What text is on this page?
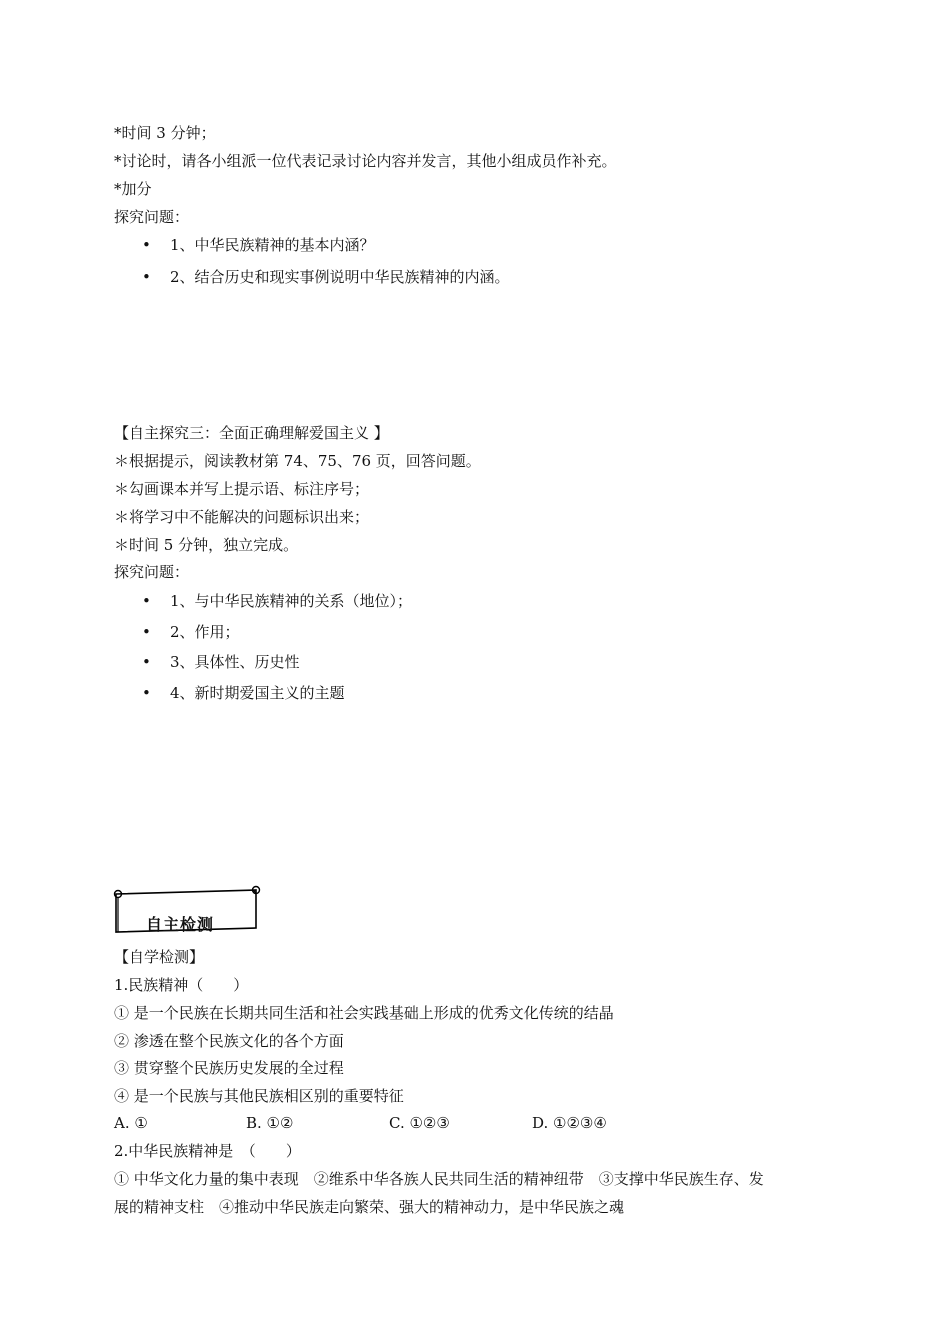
*时间 3 分钟；
*讨论时，请各小组派一位代表记录讨论内容并发言，其他小组成员作补充。
*加分
探究问题：
• 1、中华民族精神的基本内涵？
• 2、结合历史和现实事例说明中华民族精神的内涵。
【自主探究三：全面正确理解爱国主义 】
＊根据提示，阅读教材第 74、75、76 页，回答问题。
＊勾画课本并写上提示语、标注序号；
＊将学习中不能解决的问题标识出来；
＊时间 5 分钟，独立完成。
探究问题：
• 1、与中华民族精神的关系（地位）；
• 2、作用；
• 3、具体性、历史性
• 4、新时期爱国主义的主题
自主检测
【自学检测】
1.民族精神（　　）
① 是一个民族在长期共同生活和社会实践基础上形成的优秀文化传统的结晶
② 渗透在整个民族文化的各个方面
③ 贯穿整个民族历史发展的全过程
④ 是一个民族与其他民族相区别的重要特征
A. ①	B. ①②	C. ①②③	D. ①②③④
2.中华民族精神是　（　　）
① 中华文化力量的集中表现　②维系中华各族人民共同生活的精神纽带　③支撑中华民族生存、发
展的精神支柱　④推动中华民族走向繁荣、强大的精神动力，是中华民族之魂
